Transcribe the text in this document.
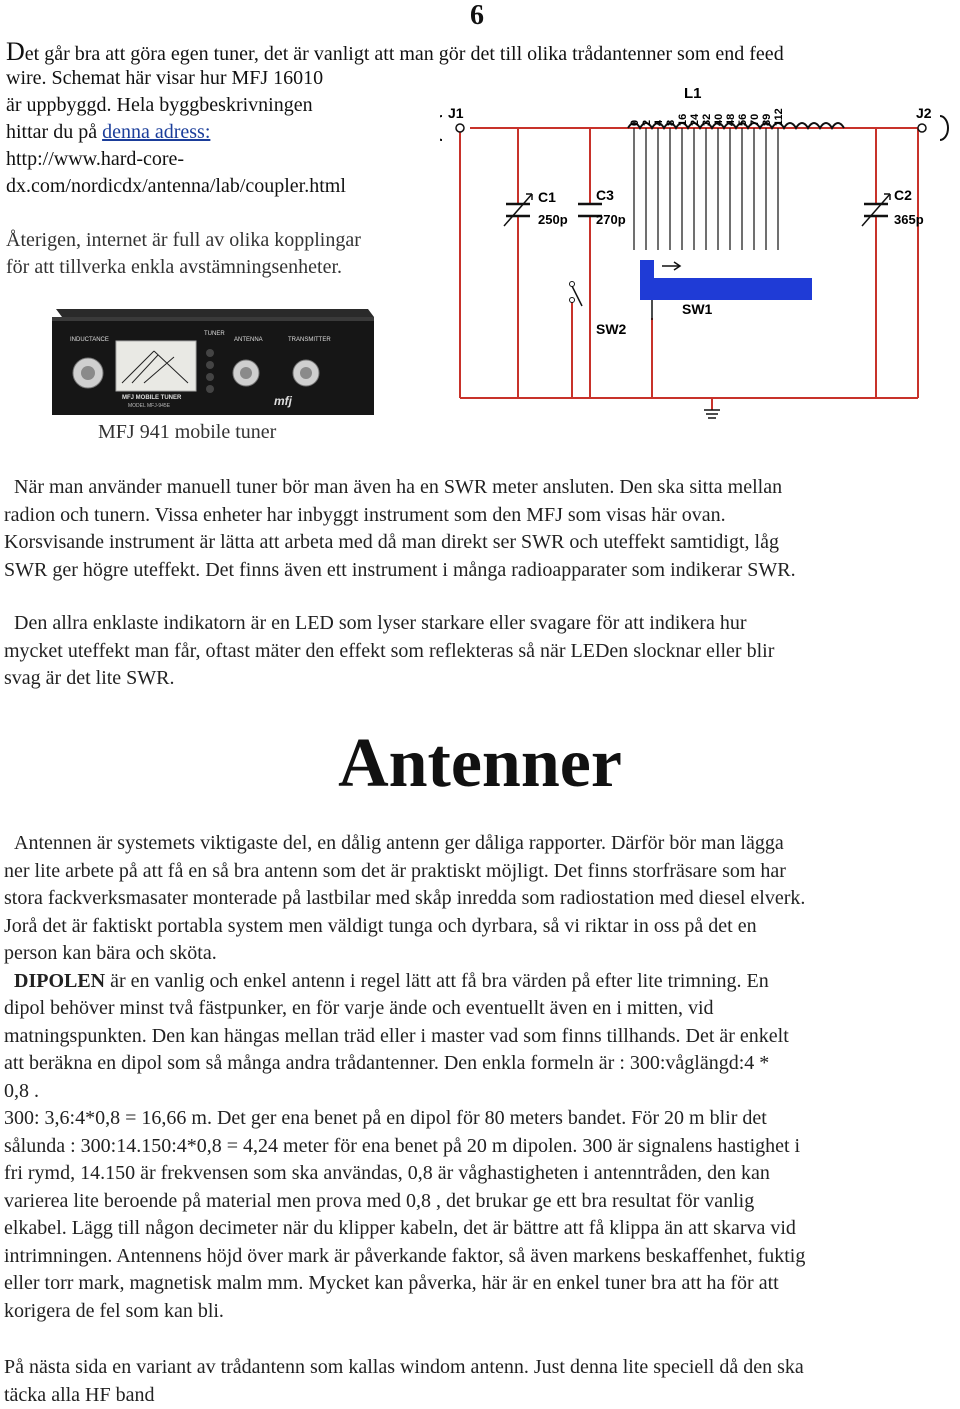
6
Det går bra att göra egen tuner, det är vanligt att man gör det till olika trådantenner som end feed
wire. Schemat här visar hur MFJ 16010
är uppbyggd. Hela byggbeskrivningen
hittar du på denna adress:
http://www.hard-core-
dx.com/nordicdx/antenna/lab/coupler.html
Återigen, internet är full av olika kopplingar
för att tillverka enkla avstämningsenheter.
INDUCTANCE
TUNER
ANTENNA	TRANSMITTER
MFJ MOBILE TUNER
MODEL MFJ-945E	mfj
MFJ 941 mobile tuner
J1	J2
L1
C1
250p
C3
270p
C2
365p
SW1
SW2
0 2 4 8 16 24 32 40 48 56 70 89 112
När man använder manuell tuner bör man även ha en SWR meter ansluten. Den ska sitta mellan
radion och tunern. Vissa enheter har inbyggt instrument som den MFJ som visas här ovan.
Korsvisande instrument är lätta att arbeta med då man direkt ser SWR och uteffekt samtidigt, låg
SWR ger högre uteffekt. Det finns även ett instrument i många radioapparater som indikerar SWR.
Den allra enklaste indikatorn är en LED som lyser starkare eller svagare för att indikera hur
mycket uteffekt man får, oftast mäter den effekt som reflekteras så när LEDen slocknar eller blir
svag är det lite SWR.
Antenner
Antennen är systemets viktigaste del, en dålig antenn ger dåliga rapporter. Därför bör man lägga
ner lite arbete på att få en så bra antenn som det är praktiskt möjligt. Det finns storfräsare som har
stora fackverksmasater monterade på lastbilar med skåp inredda som radiostation med diesel elverk.
Jorå det är faktiskt portabla system men väldigt tunga och dyrbara, så vi riktar in oss på det en
person kan bära och sköta.
DIPOLEN är en vanlig och enkel antenn i regel lätt att få bra värden på efter lite trimning. En
dipol behöver minst två fästpunker, en för varje ände och eventuellt även en i mitten, vid
matningspunkten. Den kan hängas mellan träd eller i master vad som finns tillhands. Det är enkelt
att beräkna en dipol som så många andra trådantenner. Den enkla formeln är : 300:våglängd:4 *
0,8 .
300: 3,6:4*0,8 = 16,66 m. Det ger ena benet på en dipol för 80 meters bandet. För 20 m blir det
sålunda : 300:14.150:4*0,8 = 4,24 meter för ena benet på 20 m dipolen. 300 är signalens hastighet i
fri rymd, 14.150 är frekvensen som ska användas, 0,8 är våghastigheten i antenntråden, den kan
varierea lite beroende på material men prova med 0,8 , det brukar ge ett bra resultat för vanlig
elkabel. Lägg till någon decimeter när du klipper kabeln, det är bättre att få klippa än att skarva vid
intrimningen. Antennens höjd över mark är påverkande faktor, så även markens beskaffenhet, fuktig
eller torr mark, magnetisk malm mm. Mycket kan påverka, här är en enkel tuner bra att ha för att
korigera de fel som kan bli.
På nästa sida en variant av trådantenn som kallas windom antenn. Just denna lite speciell då den ska
täcka alla HF band
